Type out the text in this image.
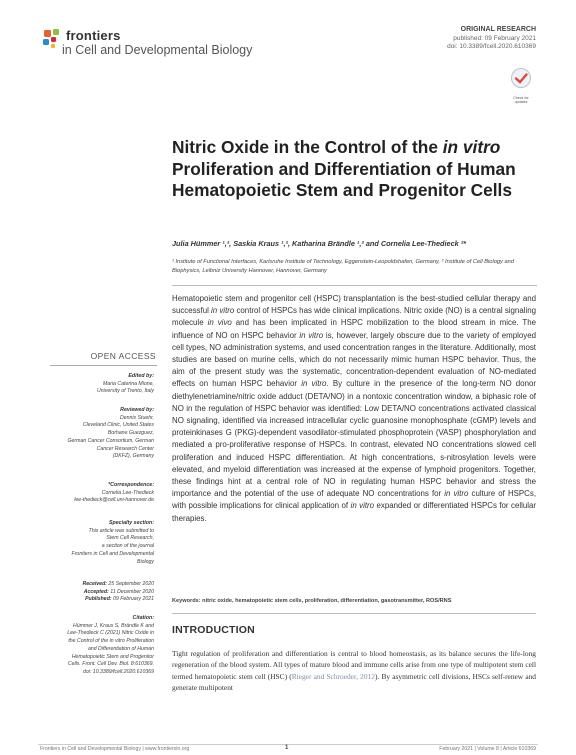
frontiers
in Cell and Developmental Biology
ORIGINAL RESEARCH
published: 09 February 2021
doi: 10.3389/fcell.2020.610369
Check for updates
Nitric Oxide in the Control of the in vitro Proliferation and Differentiation of Human Hematopoietic Stem and Progenitor Cells
Julia Hümmer ¹,², Saskia Kraus ¹,², Katharina Brändle ¹,² and Cornelia Lee-Thedieck ²*
¹ Institute of Functional Interfaces, Karlsruhe Institute of Technology, Eggenstein-Leopoldshafen, Germany, ² Institute of Cell Biology and Biophysics, Leibniz University Hannover, Hannover, Germany
Hematopoietic stem and progenitor cell (HSPC) transplantation is the best-studied cellular therapy and successful in vitro control of HSPCs has wide clinical implications. Nitric oxide (NO) is a central signaling molecule in vivo and has been implicated in HSPC mobilization to the blood stream in mice. The influence of NO on HSPC behavior in vitro is, however, largely obscure due to the variety of employed cell types, NO administration systems, and used concentration ranges in the literature. Additionally, most studies are based on murine cells, which do not necessarily mimic human HSPC behavior. Thus, the aim of the present study was the systematic, concentration-dependent evaluation of NO-mediated effects on human HSPC behavior in vitro. By culture in the presence of the long-term NO donor diethylenetriamine/nitric oxide adduct (DETA/NO) in a nontoxic concentration window, a biphasic role of NO in the regulation of HSPC behavior was identified: Low DETA/NO concentrations activated classical NO signaling, identified via increased intracellular cyclic guanosine monophosphate (cGMP) levels and proteinkinases G (PKG)-dependent vasodilator-stimulated phosphoprotein (VASP) phosphorylation and mediated a pro-proliferative response of HSPCs. In contrast, elevated NO concentrations slowed cell proliferation and induced HSPC differentiation. At high concentrations, s-nitrosylation levels were elevated, and myeloid differentiation was increased at the expense of lymphoid progenitors. Together, these findings hint at a central role of NO in regulating human HSPC behavior and stress the importance and the potential of the use of adequate NO concentrations for in vitro culture of HSPCs, with possible implications for clinical application of in vitro expanded or differentiated HSPCs for cellular therapies.
Keywords: nitric oxide, hematopoietic stem cells, proliferation, differentiation, gasotransmitter, ROS/RNS
INTRODUCTION
Tight regulation of proliferation and differentiation is central to blood homeostasis, as its balance secures the life-long regeneration of the blood system. All types of mature blood and immune cells arise from one type of multipotent stem cell termed hematopoietic stem cell (HSC) (Rieger and Schroeder, 2012). By asymmetric cell divisions, HSCs self-renew and generate multipotent
OPEN ACCESS
Edited by:
Maria Caterina Mione,
University of Trento, Italy
Reviewed by:
Dennis Stuehr,
Cleveland Clinic, United States
Borhane Guezguez,
German Cancer Consortium, German
Cancer Research Center
(DKFZ), Germany
*Correspondence:
Cornelia Lee-Thedieck
lee-thedieck@cell.uni-hannover.de
Specialty section:
This article was submitted to
Stem Cell Research,
a section of the journal
Frontiers in Cell and Developmental
Biology
Received: 25 September 2020
Accepted: 11 December 2020
Published: 09 February 2021
Citation:
Hümmer J, Kraus S, Brändle K and
Lee-Thedieck C (2021) Nitric Oxide in
the Control of the in vitro Proliferation
and Differentiation of Human
Hematopoietic Stem and Progenitor
Cells. Front. Cell Dev. Biol. 8:610369.
doi: 10.3389/fcell.2020.610369
Frontiers in Cell and Developmental Biology | www.frontiersin.org	1	February 2021 | Volume 8 | Article 610369
